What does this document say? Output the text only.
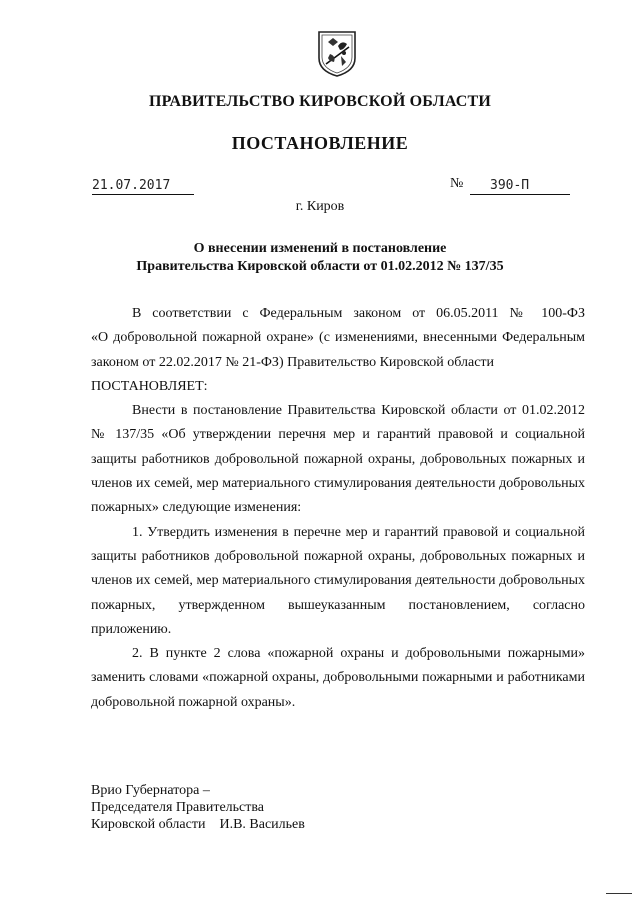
ПРАВИТЕЛЬСТВО КИРОВСКОЙ ОБЛАСТИ
ПОСТАНОВЛЕНИЕ
21.07.2017	№	390-П
г. Киров
О внесении изменений в постановление
Правительства Кировской области от 01.02.2012 № 137/35

В соответствии с Федеральным законом от 06.05.2011 № 100-ФЗ

«О добровольной пожарной охране» (с изменениями, внесенными Федеральным законом от 22.02.2017 № 21-ФЗ) Правительство Кировской области

ПОСТАНОВЛЯЕТ:

Внести в постановление Правительства Кировской области от 01.02.2012 № 137/35 «Об утверждении перечня мер и гарантий правовой и социальной защиты работников добровольной пожарной охраны, добровольных пожарных и членов их семей, мер материального стимулирования деятельности добровольных пожарных» следующие изменения:

1. Утвердить изменения в перечне мер и гарантий правовой и социальной защиты работников добровольной пожарной охраны, добровольных пожарных и членов их семей, мер материального стимулирования деятельности добровольных пожарных, утвержденном вышеуказанным постановлением, согласно приложению.

2. В пункте 2 слова «пожарной охраны и добровольными пожарными» заменить словами «пожарной охраны, добровольными пожарными и работниками добровольной пожарной охраны».

Врио Губернатора –
Председателя Правительства
Кировской области    И.В. Васильев
